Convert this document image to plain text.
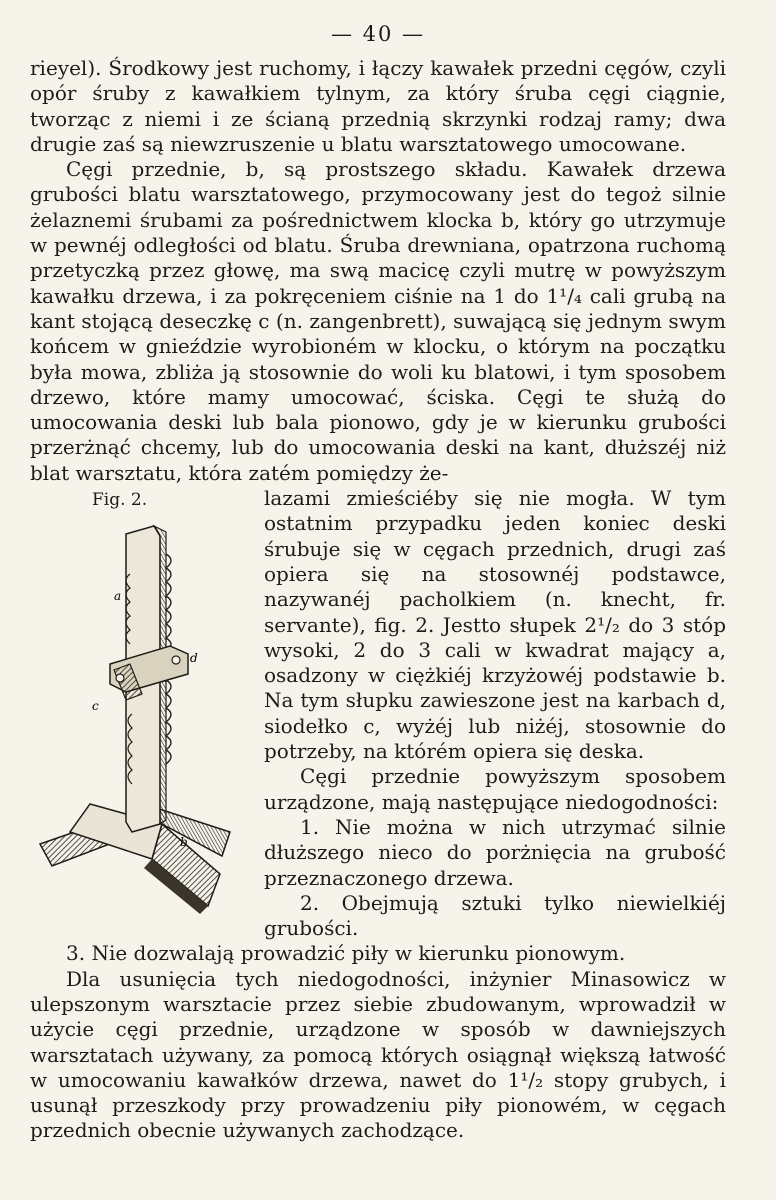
— 40 —

rieyel). Środkowy jest ruchomy, i łączy kawałek przedni cęgów, czyli opór śruby z kawałkiem tylnym, za który śruba cęgi ciągnie, tworząc z niemi i ze ścianą przednią skrzynki rodzaj ramy; dwa drugie zaś są niewzruszenie u blatu warsztatowego umocowane.

Cęgi przednie, b, są prostszego składu. Kawałek drzewa grubości blatu warsztatowego, przymocowany jest do tegoż silnie żelaznemi śrubami za pośrednictwem klocka b, który go utrzymuje w pewnéj odległości od blatu. Śruba drewniana, opatrzona ruchomą przetyczką przez głowę, ma swą macicę czyli mutrę w powyższym kawałku drzewa, i za pokręceniem ciśnie na 1 do 1¹/₄ cali grubą na kant stojącą deseczkę c (n. zangenbrett), suwającą się jednym swym końcem w gnieździe wyrobioném w klocku, o którym na początku była mowa, zbliża ją stosownie do woli ku blatowi, i tym sposobem drzewo, które mamy umocować, ściska. Cęgi te służą do umocowania deski lub bala pionowo, gdy je w kierunku grubości przerżnąć chcemy, lub do umocowania deski na kant, dłuższéj niż blat warsztatu, która zatém pomiędzy że-

Fig. 2.
a
d
c
b

lazami zmieściéby się nie mogła. W tym ostatnim przypadku jeden koniec deski śrubuje się w cęgach przednich, drugi zaś opiera się na stosownéj podstawce, nazywanéj pacholkiem (n. knecht, fr. servante), fig. 2. Jestto słupek 2¹/₂ do 3 stóp wysoki, 2 do 3 cali w kwadrat mający a, osadzony w ciężkiéj krzyżowéj podstawie b. Na tym słupku zawieszone jest na karbach d, siodełko c, wyżéj lub niżéj, stosownie do potrzeby, na którém opiera się deska.

Cęgi przednie powyższym sposobem urządzone, mają następujące niedogodności:

1. Nie można w nich utrzymać silnie dłuższego nieco do porżnięcia na grubość przeznaczonego drzewa.

2. Obejmują sztuki tylko niewielkiéj grubości.

3. Nie dozwalają prowadzić piły w kierunku pionowym.

Dla usunięcia tych niedogodności, inżynier Minasowicz w ulepszonym warsztacie przez siebie zbudowanym, wprowadził w użycie cęgi przednie, urządzone w sposób w dawniejszych warsztatach używany, za pomocą których osiągnął większą łatwość w umocowaniu kawałków drzewa, nawet do 1¹/₂ stopy grubych, i usunął przeszkody przy prowadzeniu piły pionowém, w cęgach przednich obecnie używanych zachodzące.
